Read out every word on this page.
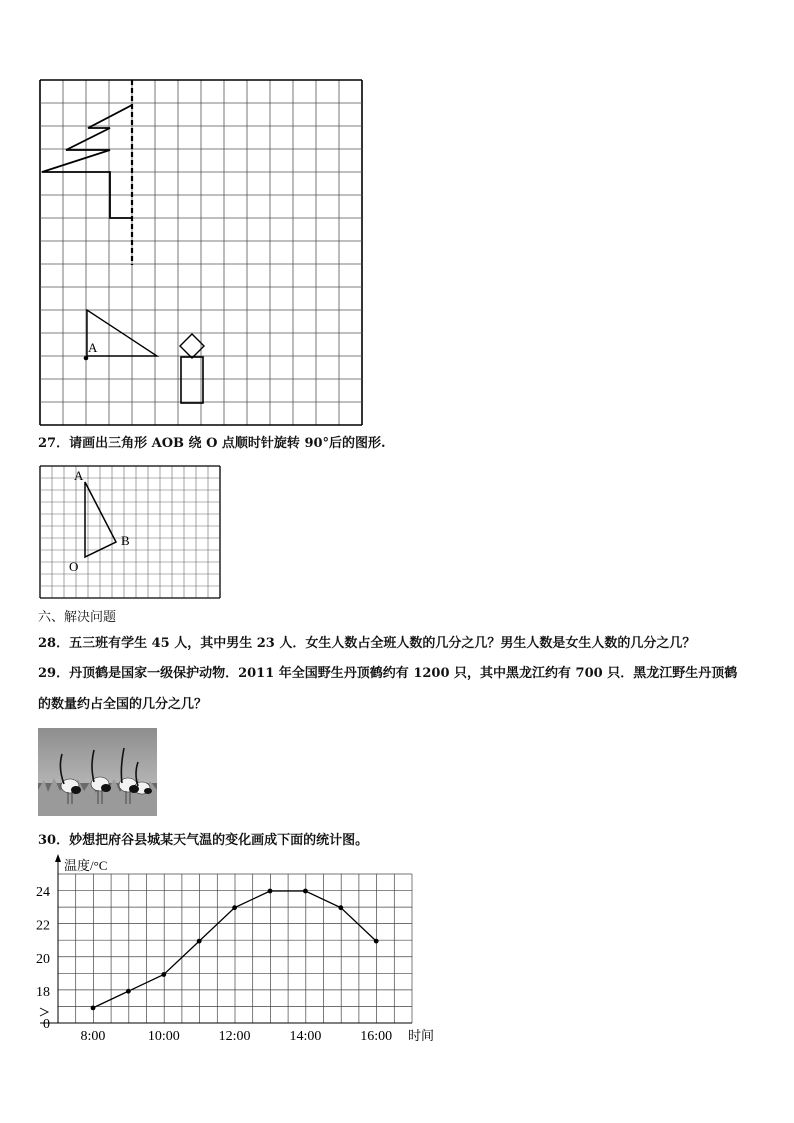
A
27．请画出三角形 AOB 绕 O 点顺时针旋转 90°后的图形.
A
B
O
六、解决问题
28．五三班有学生 45 人，其中男生 23 人．女生人数占全班人数的几分之几？男生人数是女生人数的几分之几？
29．丹顶鹤是国家一级保护动物．2011 年全国野生丹顶鹤约有 1200 只，其中黑龙江约有 700 只．黑龙江野生丹顶鹤
的数量约占全国的几分之几？
30．妙想把府谷县城某天气温的变化画成下面的统计图。
温度/°C
时间
0
18
20
22
24
8:00	10:00	12:00	14:00	16:00
